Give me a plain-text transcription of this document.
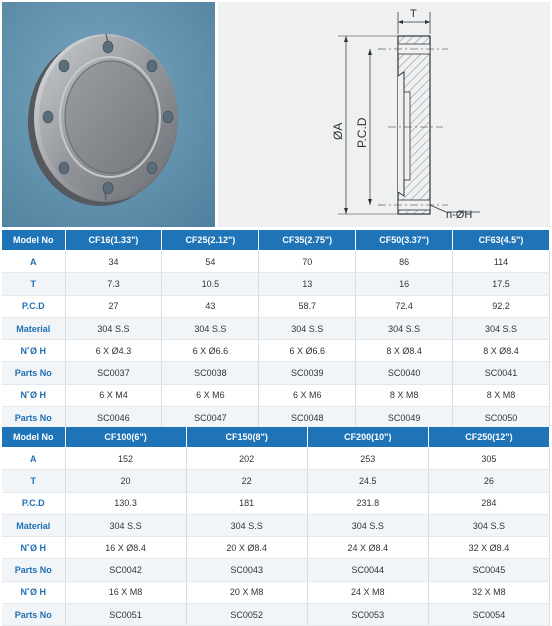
T
ØA P.C.D
n-ØH
Model No	CF16(1.33")	CF25(2.12")	CF35(2.75")	CF50(3.37")	CF63(4.5")
A	34	54	70	86	114
T	7.3	10.5	13	16	17.5
P.C.D	27	43	58.7	72.4	92.2
Material	304 S.S	304 S.S	304 S.S	304 S.S	304 S.S
N˚Ø H	6 X Ø4.3	6 X Ø6.6	6 X Ø6.6	8 X Ø8.4	8 X Ø8.4
Parts No	SC0037	SC0038	SC0039	SC0040	SC0041
N˚Ø H	6 X M4	6 X M6	6 X M6	8 X M8	8 X M8
Parts No	SC0046	SC0047	SC0048	SC0049	SC0050
Model No	CF100(6")	CF150(8")	CF200(10")	CF250(12")
A	152	202	253	305
T	20	22	24.5	26
P.C.D	130.3	181	231.8	284
Material	304 S.S	304 S.S	304 S.S	304 S.S
N˚Ø H	16 X Ø8.4	20 X Ø8.4	24 X Ø8.4	32 X Ø8.4
Parts No	SC0042	SC0043	SC0044	SC0045
N˚Ø H	16 X M8	20 X M8	24 X M8	32 X M8
Parts No	SC0051	SC0052	SC0053	SC0054
